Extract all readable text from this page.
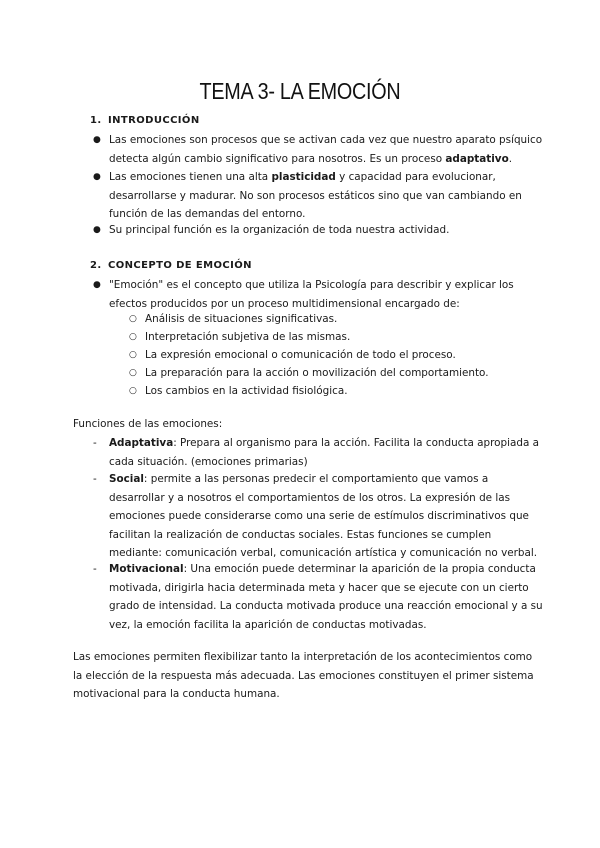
TEMA 3- LA EMOCIÓN
1. INTRODUCCIÓN
● Las emociones son procesos que se activan cada vez que nuestro aparato psíquico
detecta algún cambio significativo para nosotros. Es un proceso adaptativo.
● Las emociones tienen una alta plasticidad y capacidad para evolucionar,
desarrollarse y madurar. No son procesos estáticos sino que van cambiando en
función de las demandas del entorno.
● Su principal función es la organización de toda nuestra actividad.
2. CONCEPTO DE EMOCIÓN
● "Emoción" es el concepto que utiliza la Psicología para describir y explicar los
efectos producidos por un proceso multidimensional encargado de:
○ Análisis de situaciones significativas.
○ Interpretación subjetiva de las mismas.
○ La expresión emocional o comunicación de todo el proceso.
○ La preparación para la acción o movilización del comportamiento.
○ Los cambios en la actividad fisiológica.
Funciones de las emociones:
- Adaptativa: Prepara al organismo para la acción. Facilita la conducta apropiada a
cada situación. (emociones primarias)
- Social: permite a las personas predecir el comportamiento que vamos a
desarrollar y a nosotros el comportamientos de los otros. La expresión de las
emociones puede considerarse como una serie de estímulos discriminativos que
facilitan la realización de conductas sociales. Estas funciones se cumplen
mediante: comunicación verbal, comunicación artística y comunicación no verbal.
- Motivacional: Una emoción puede determinar la aparición de la propia conducta
motivada, dirigirla hacia determinada meta y hacer que se ejecute con un cierto
grado de intensidad. La conducta motivada produce una reacción emocional y a su
vez, la emoción facilita la aparición de conductas motivadas.
Las emociones permiten flexibilizar tanto la interpretación de los acontecimientos como
la elección de la respuesta más adecuada. Las emociones constituyen el primer sistema
motivacional para la conducta humana.
